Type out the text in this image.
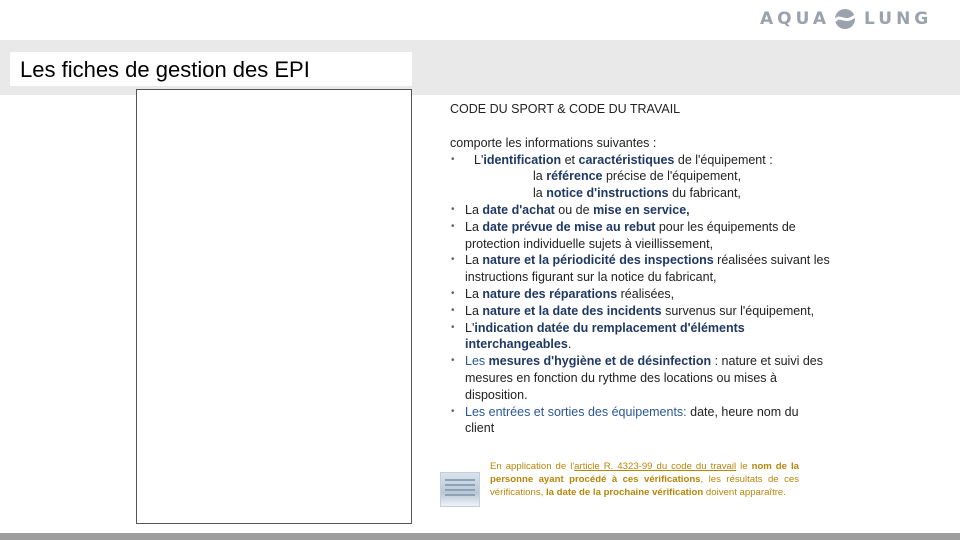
AQUA LUNG
Les fiches de gestion des EPI

CODE DU SPORT & CODE DU TRAVAIL

comporte les informations suivantes :

• L'identification et caractéristiques de l'équipement :
la référence précise de l'équipement,
la notice d'instructions du fabricant,
• La date d'achat ou de mise en service,
• La date prévue de mise au rebut pour les équipements de protection individuelle sujets à vieillissement,
• La nature et la périodicité des inspections réalisées suivant les instructions figurant sur la notice du fabricant,
• La nature des réparations réalisées,
• La nature et la date des incidents survenus sur l'équipement,
• L'indication datée du remplacement d'éléments interchangeables.
• Les mesures d'hygiène et de désinfection : nature et suivi des mesures en fonction du rythme des locations ou mises à disposition.
• Les entrées et sorties des équipements: date, heure nom du client
En application de l'article R. 4323-99 du code du travail le nom de la personne ayant procédé à ces vérifications, les résultats de ces vérifications, la date de la prochaine vérification doivent apparaître.
